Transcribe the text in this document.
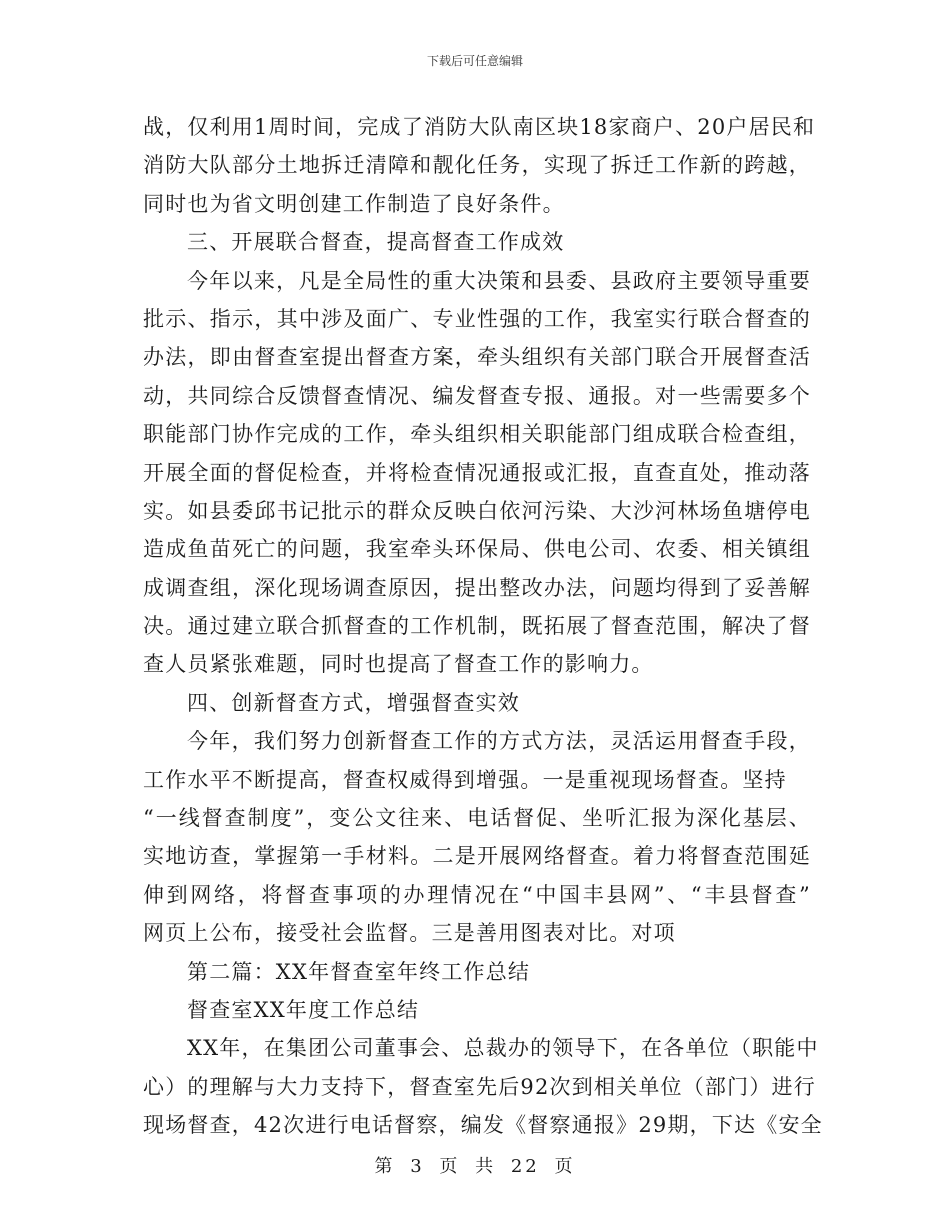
下载后可任意编辑
战，仅利用1周时间，完成了消防大队南区块18家商户、20户居民和
消防大队部分土地拆迁清障和靓化任务，实现了拆迁工作新的跨越，
同时也为省文明创建工作制造了良好条件。
三、开展联合督查，提高督查工作成效
今年以来，凡是全局性的重大决策和县委、县政府主要领导重要
批示、指示，其中涉及面广、专业性强的工作，我室实行联合督查的
办法，即由督查室提出督查方案，牵头组织有关部门联合开展督查活
动，共同综合反馈督查情况、编发督查专报、通报。对一些需要多个
职能部门协作完成的工作，牵头组织相关职能部门组成联合检查组，
开展全面的督促检查，并将检查情况通报或汇报，直查直处，推动落
实。如县委邱书记批示的群众反映白依河污染、大沙河林场鱼塘停电
造成鱼苗死亡的问题，我室牵头环保局、供电公司、农委、相关镇组
成调查组，深化现场调查原因，提出整改办法，问题均得到了妥善解
决。通过建立联合抓督查的工作机制，既拓展了督查范围，解决了督
查人员紧张难题，同时也提高了督查工作的影响力。
四、创新督查方式，增强督查实效
今年，我们努力创新督查工作的方式方法，灵活运用督查手段，
工作水平不断提高，督查权威得到增强。一是重视现场督查。坚持
“一线督查制度”，变公文往来、电话督促、坐听汇报为深化基层、
实地访查，掌握第一手材料。二是开展网络督查。着力将督查范围延
伸到网络，将督查事项的办理情况在“中国丰县网”、“丰县督查”
网页上公布，接受社会监督。三是善用图表对比。对项
第二篇：XX年督查室年终工作总结
督查室XX年度工作总结
XX年，在集团公司董事会、总裁办的领导下，在各单位（职能中
心）的理解与大力支持下，督查室先后92次到相关单位（部门）进行
现场督查，42次进行电话督察，编发《督察通报》29期，下达《安全
第 3 页 共 22 页
